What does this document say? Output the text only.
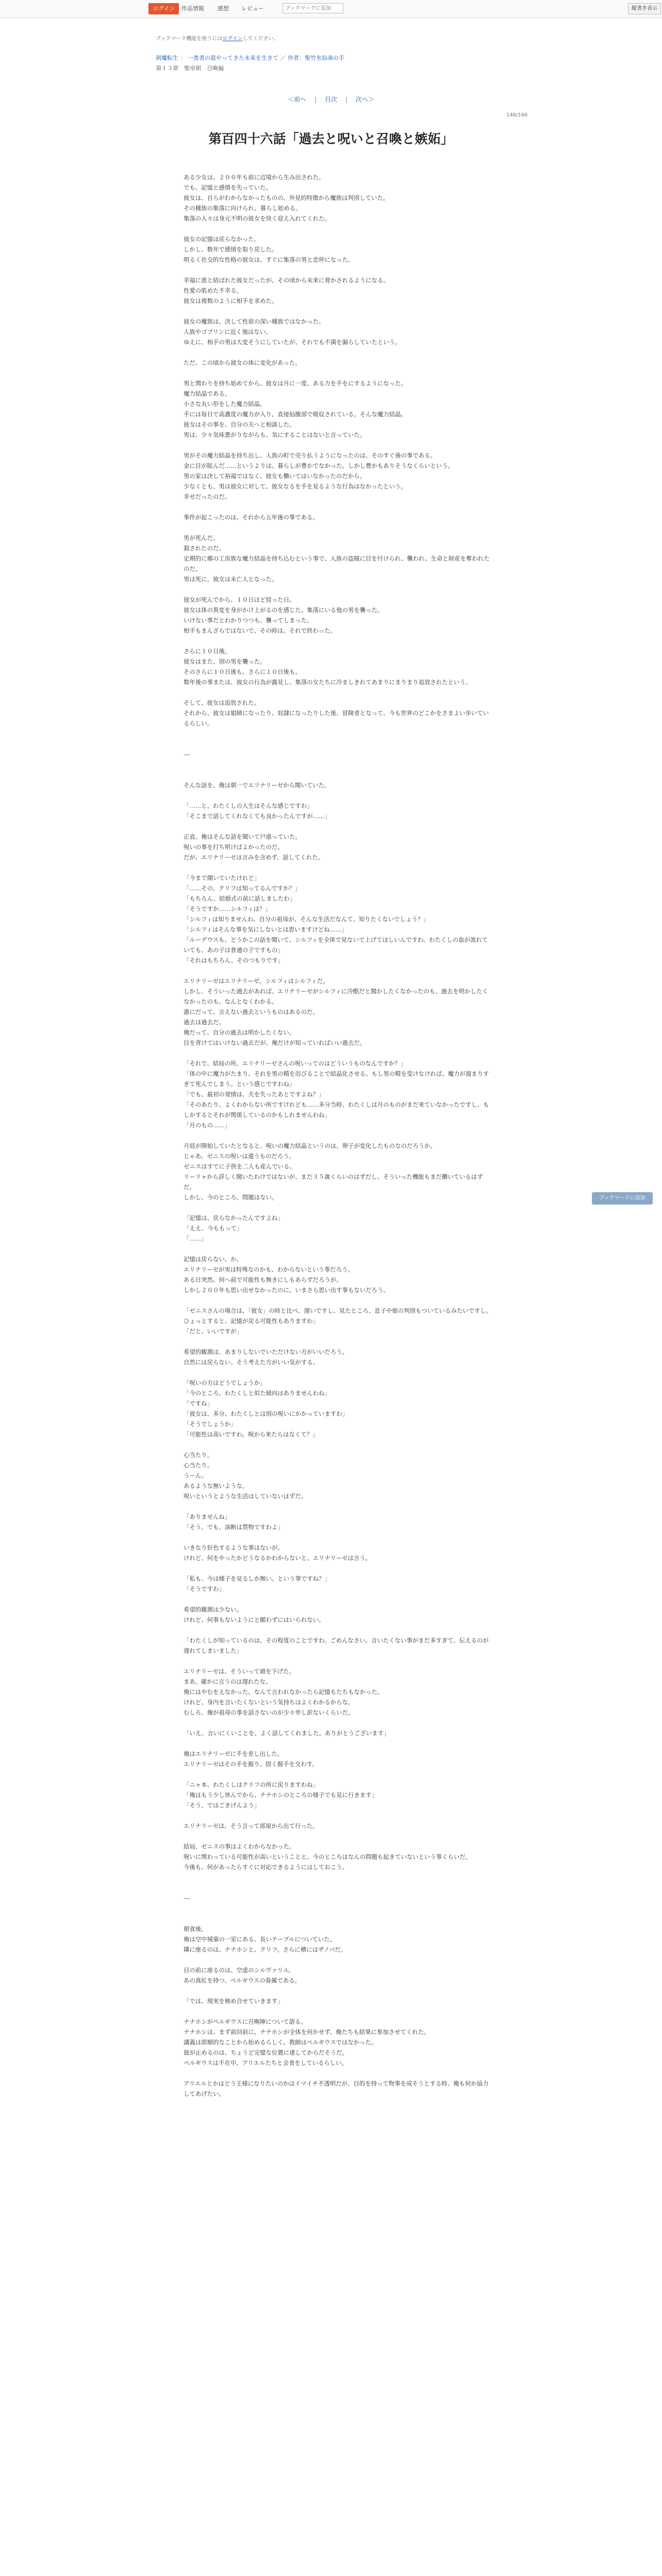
ログイン	作品情報 感想 レビュー
ブックマークに追加	縦書き表示
ブックマーク機能を使うにはログインしてください。
剣魔転生 ： 一勇者の旅やってきた未来を生きて ／ 作者：聖竹氷仙凍の手
第１３章　聖帝朝　召喚編
＜前へ | 目次 | 次へ＞
146/166
第百四十六話「過去と呪いと召喚と嫉妬」

ある少女は、２００年も前に辺境から生み出された。

でも、記憶と感情を失っていた。

彼女は、自らがわからなかったものの、外見的特徴から魔族は判別していた。

その種族の集落に向けられ、暮らし始める。

集落の人々は身元不明の彼女を快く迎え入れてくれた。

彼女の記憶は戻らなかった。

しかし、数年で感情を取り戻した。

明るく社交的な性格の彼女は、すぐに集落の男と恋仲になった。

幸福に恵と結ばれた彼女だったが、その頃から未来に脅かされるようになる。

性愛の肌めた不幸る。

彼女は複数のように相手を求めた。

彼女の魔族は、決して性欲の深い種族ではなかった。

人族やゴブリンに近く強はない。

ゆえに、相手の男は大変そうにしていたが、それでも不満を漏らしていたという。

ただ、この頃から彼女の体に変化があった。

男と関わりを持ち始めてから、彼女は月に一度、ある力を手をにするようになった。

魔力結晶である。

小さな丸い形をした魔力結晶。

手には毎日で高濃度の魔力が入り、直接仙腹部で吸収されている。そんな魔力結晶。

彼女はその事を、自分の夫へと相談した。

男は、少々気味悪がりながらも、気にすることはないと言っていた。

男がその魔力結晶を持ち出し、人族の町で売り払うようになったのは、そのすぐ後の事である。

金に目が眩んだ……というよりは、暮らしが豊かでなかった。しかし豊かもありそうなくらいという。

男の家は決して裕福ではなく、彼女も働いてはいなかったのだから。

少なくとも、男は彼女に対して、彼女なるを手を見るような行為はなかったという。

幸せだったのだ。

事件が起こったのは、それから五年後の事である。

男が死んだ。

殺されたのだ。

定期的に郷の工房族な魔力結晶を持ち込むという事で、人族の盗賊に目を付けられ、襲われ、生命と財産を奪われたのだ。

男は死に、彼女は未亡人となった。

彼女が死んでから、１０日ほど経った日。

彼女は体の異変を身がかけ上がるのを感じた。集落にいる他の男を襲った。

いけない事だとわかりつつも、襲ってしまった。

相手もまんざらではないで、その時は、それで終わった。

さらに１０日後。

彼女はまた、別の男を襲った。

そのさらに１０日後も、さらに１０日後も。

数年後の事または、彼女の行為が露見し、集落の女たちに冷ましきれてあまりにまりまり追放されたという。

そして、彼女は追放された。

それから、彼女は娼婦になったり、奴隷になったりした後、冒険者となって、今も世界のどこかをさまよい歩いているらしい。

---

そんな話を、俺は朝一でエリナリーゼから聞いていた。

「……と、わたくしの人生はそんな感じですわ」

「そこまで話してくれなくても良かったんですが……」

正直、俺はそんな話を聞いて戸惑っていた。

呪いの事を打ち明けばよかったのだ。

だが、エリナリーゼは言みを含めず、話してくれた。

「今まで聞いていたけれど」

「……その、クリフは知ってるんですか？」

「もちろん、結婚式の前に話しましたわ」

「そうですか……シルフィは？」

「シルフィは知りませんわ。自分の祖母が、そんな生活だなんて、知りたくないでしょう？」

「シルフィはそんな事を気にしないとは思いますけどね……」

「ルーデウスも、どうかこの話を聞いて、シルフィを全体で見ないで上げてほしいんですわ。わたくしの血が流れていても、あの子は普通の子ですもの」

「それはもちろん。そのつもりです」

エリナリーゼはエリナリーゼ。シルフィはシルフィだ。

しかし、そういった過去があれば、エリナリーゼがシルフィに冷酷だと聞かしたくなかったのも、過去を明かしたくなかったのも、なんとなくわかる。

誰にだって、言えない過去というものはあるのだ。

過去は過去だ。

俺だって、自分の過去は明かしたくない。

目を背けてはいけない過去だが、俺だけが知っていればいい過去だ。

「それで、結局の所、エリナリーゼさんの呪いってのはどういうものなんですか？」

「体の中に魔力がたまり、それを男の精を浴びることで結晶化させる。もし男の精を受けなければ、魔力が溜まりすぎて死んでしまう。という感じですわね」

「でも、最初の発情は、夫を失ったあとですよね？」

「そのあたり、よくわからない所ですけれども……多分当時、わたくしは月のものがまだ来ていなかったですし、もしかするとそれが関係しているのかもしれませんわね」

「月のもの……」

月経が開始していたとなると、呪いの魔力結晶というのは、卵子が変化したものなのだろうか。

じゃあ、ゼニスの呪いは違うものだろう。

ゼニスはすでに子供を二人も産んでいる。

リーリャから詳しく聞いたわけではないが、まだ３５歳くらいのはずだし、そういった機能もまだ働いているはずだ。

しかし、今のところ、問題はない。

「記憶は、戻らなかったんですよね」

「ええ、今ももって」

「……」

記憶は戻らない、か。

エリナリーゼが実は特殊なのかも、わからないという事だろう。

ある日突然、何へ前で可能性も無きにしもあらずだろうが。

しかし２００年も思い出せなかったのに、いまさら思い出す事もないだろう。

「ゼニスさんの場合は、「彼女」の時と比べ、遅いですし、見たところ、息子や娘の判別もついているみたいですし。ひょっとすると、記憶が戻る可能性もありますわ」

「だと、いいですが」

希望的観測は、あまりしないでいただけない方がいいだろう。

自然には戻らない。そう考えた方がいい気がする。

「呪いの方はどうでしょうか」

「今のところ、わたくしと似た傾向はありませんわね」

「ですね」

「彼女は、多分、わたくしとは別の呪いにかかっていますわ」

「そうでしょうか」

「可能性は高いですわ。呪から来たらはなくて？」

心当たり。

心当たり。

うーん。

あるような無いような。

呪いというとような生活はしていないはずだ。

「ありませんね」

「そう。でも、油断は禁物ですわよ」

いきなり好色するような事はないが。

けれど、何をやったかどうなるかわからないと、エリナリーゼは言う。

「私も、今は様子を見るしか無い。という事ですね？」

「そうですわ」

希望的観測は少ない。

けれど、何事もないようにと願わずにはいられない。

「わたくしが知っているのは、その程度のことですわ。ごめんなさい。言いたくない事がまだ多すぎて、伝えるのが遅れてしまいました」

エリナリーゼは、そういって頭を下げた。

まあ、確かに言うのは遅れたな。

俺にはやむをえなかった。なんて言われなかったら記憶もたちもなかった。

けれど、身内を言いたくないという気持ちはよくわかるからな。

むしろ、俺が祖母の事を話さないのが少々申し訳ないくらいだ。

「いえ、言いにくいことを、よく話してくれました。ありがとうございます」

俺はエリナリーゼに手を差し出した。

エリナリーゼはその手を握り、固く握手を交わす。

「ニャ本、わたくしはクリフの所に戻りますわね」

「俺はもう少し休んでから、ナナホシのところの様子でも見に行きます」

「そう、ではごきげんよう」

エリナリーゼは、そう言って部屋から出て行った。

結局、ゼニスの事はよくわからなかった。

呪いに関わっている可能性が高いということと、今のところはなんの問題も起きていないという事くらいだ。

今後も、何があったらすぐに対応できるようにはしておこう。

---

朝食後。

俺は空中城塞の一室にある、長いテーブルについていた。

隣に座るのは、ナナホシと、クリフ。さらに横にはザノバだ。

目の前に座るのは、空虚のシルヴァリル。

あの真紅を持つ、ペルギウスの眷属である。

「では、現実を検め合せていきます」

ナナホシがペルギウスに召喚陣について語る。

ナナホシは、まず前回前に、ナナホシが全体を何かせず、俺たちも結果に参加させてくれた。

講義は即順的なことから始めるらしく、教師はペルギウスではなかった。

彼が止めるのは、ちょうど完璧な位置に達してからだそうだ。

ペルギウスは不在中、アリエルたちと会食をしているらしい。

アリエルとかはどう王様になりたいのかはイマイチ不透明だが、目的を持って物事を成そうとする時、俺も何か協力してあげたい。

ブックマークに追加
